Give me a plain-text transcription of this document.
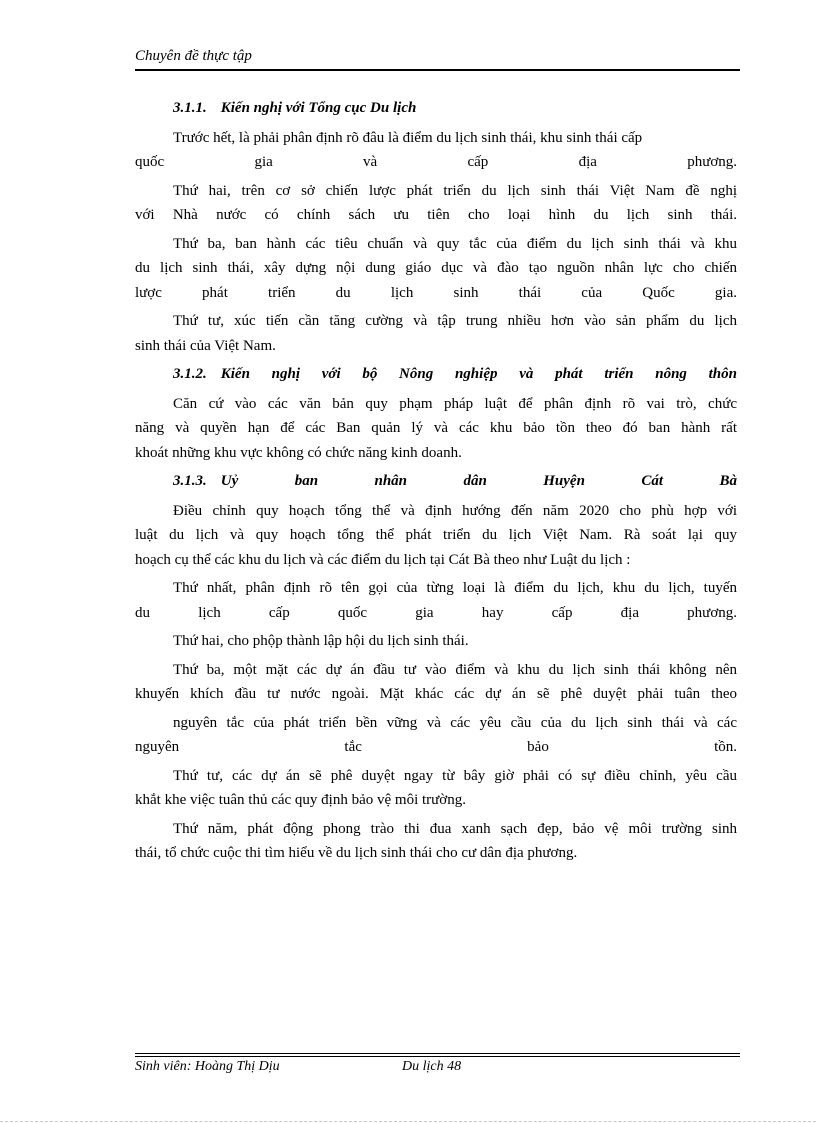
Chuyên đề thực tập

3.1.1. Kiến nghị với Tổng cục Du lịch

Trước hết, là phải phân định rõ đâu là điểm du lịch sinh thái, khu sinh thái cấp
quốc gia và cấp địa phương.

Thứ hai, trên cơ sở chiến lược phát triển du lịch sinh thái Việt Nam đề nghị
với Nhà nước có chính sách ưu tiên cho loại hình du lịch sinh thái.

Thứ ba, ban hành các tiêu chuẩn và quy tắc của điểm du lịch sinh thái và khu
du lịch sinh thái, xây dựng nội dung giáo dục và đào tạo nguồn nhân lực cho chiến
lược phát triển du lịch sinh thái của Quốc gia.

Thứ tư, xúc tiến cần tăng cường và tập trung nhiều hơn vào sản phẩm du lịch
sinh thái của Việt Nam.

3.1.2. Kiến nghị với bộ Nông nghiệp và phát triển nông thôn

Căn cứ vào các văn bản quy phạm pháp luật để phân định rõ vai trò, chức
năng và quyền hạn để các Ban quản lý và các khu bảo tồn theo đó ban hành rất
khoát những khu vực không có chức năng kinh doanh.

3.1.3. Uỷ ban nhân dân Huyện Cát Bà

Điều chỉnh quy hoạch tổng thể và định hướng đến năm 2020 cho phù hợp với
luật du lịch và quy hoạch tổng thể phát triển du lịch Việt Nam. Rà soát lại quy
hoạch cụ thể các khu du lịch và các điểm du lịch tại Cát Bà theo như Luật du lịch :

Thứ nhất, phân định rõ tên gọi của từng loại là điểm du lịch, khu du lịch, tuyến
du lịch cấp quốc gia hay cấp địa phương.

Thứ hai, cho phộp thành lập hội du lịch sinh thái.

Thứ ba, một mặt các dự án đầu tư vào điểm và khu du lịch sinh thái không nên
khuyến khích đầu tư nước ngoài. Mặt khác các dự án sẽ phê duyệt phải tuân theo

nguyên tắc của phát triển bền vững và các yêu cầu của du lịch sinh thái và các
nguyên tắc bảo tồn.

Thứ tư, các dự án sẽ phê duyệt ngay từ bây giờ phải có sự điều chỉnh, yêu cầu
khắt khe việc tuân thủ các quy định bảo vệ môi trường.

Thứ năm, phát động phong trào thi đua xanh sạch đẹp, bảo vệ môi trường sinh
thái, tổ chức cuộc thi tìm hiểu về du lịch sinh thái cho cư dân địa phương.

Sinh viên: Hoàng Thị Dịu	Du lịch 48
